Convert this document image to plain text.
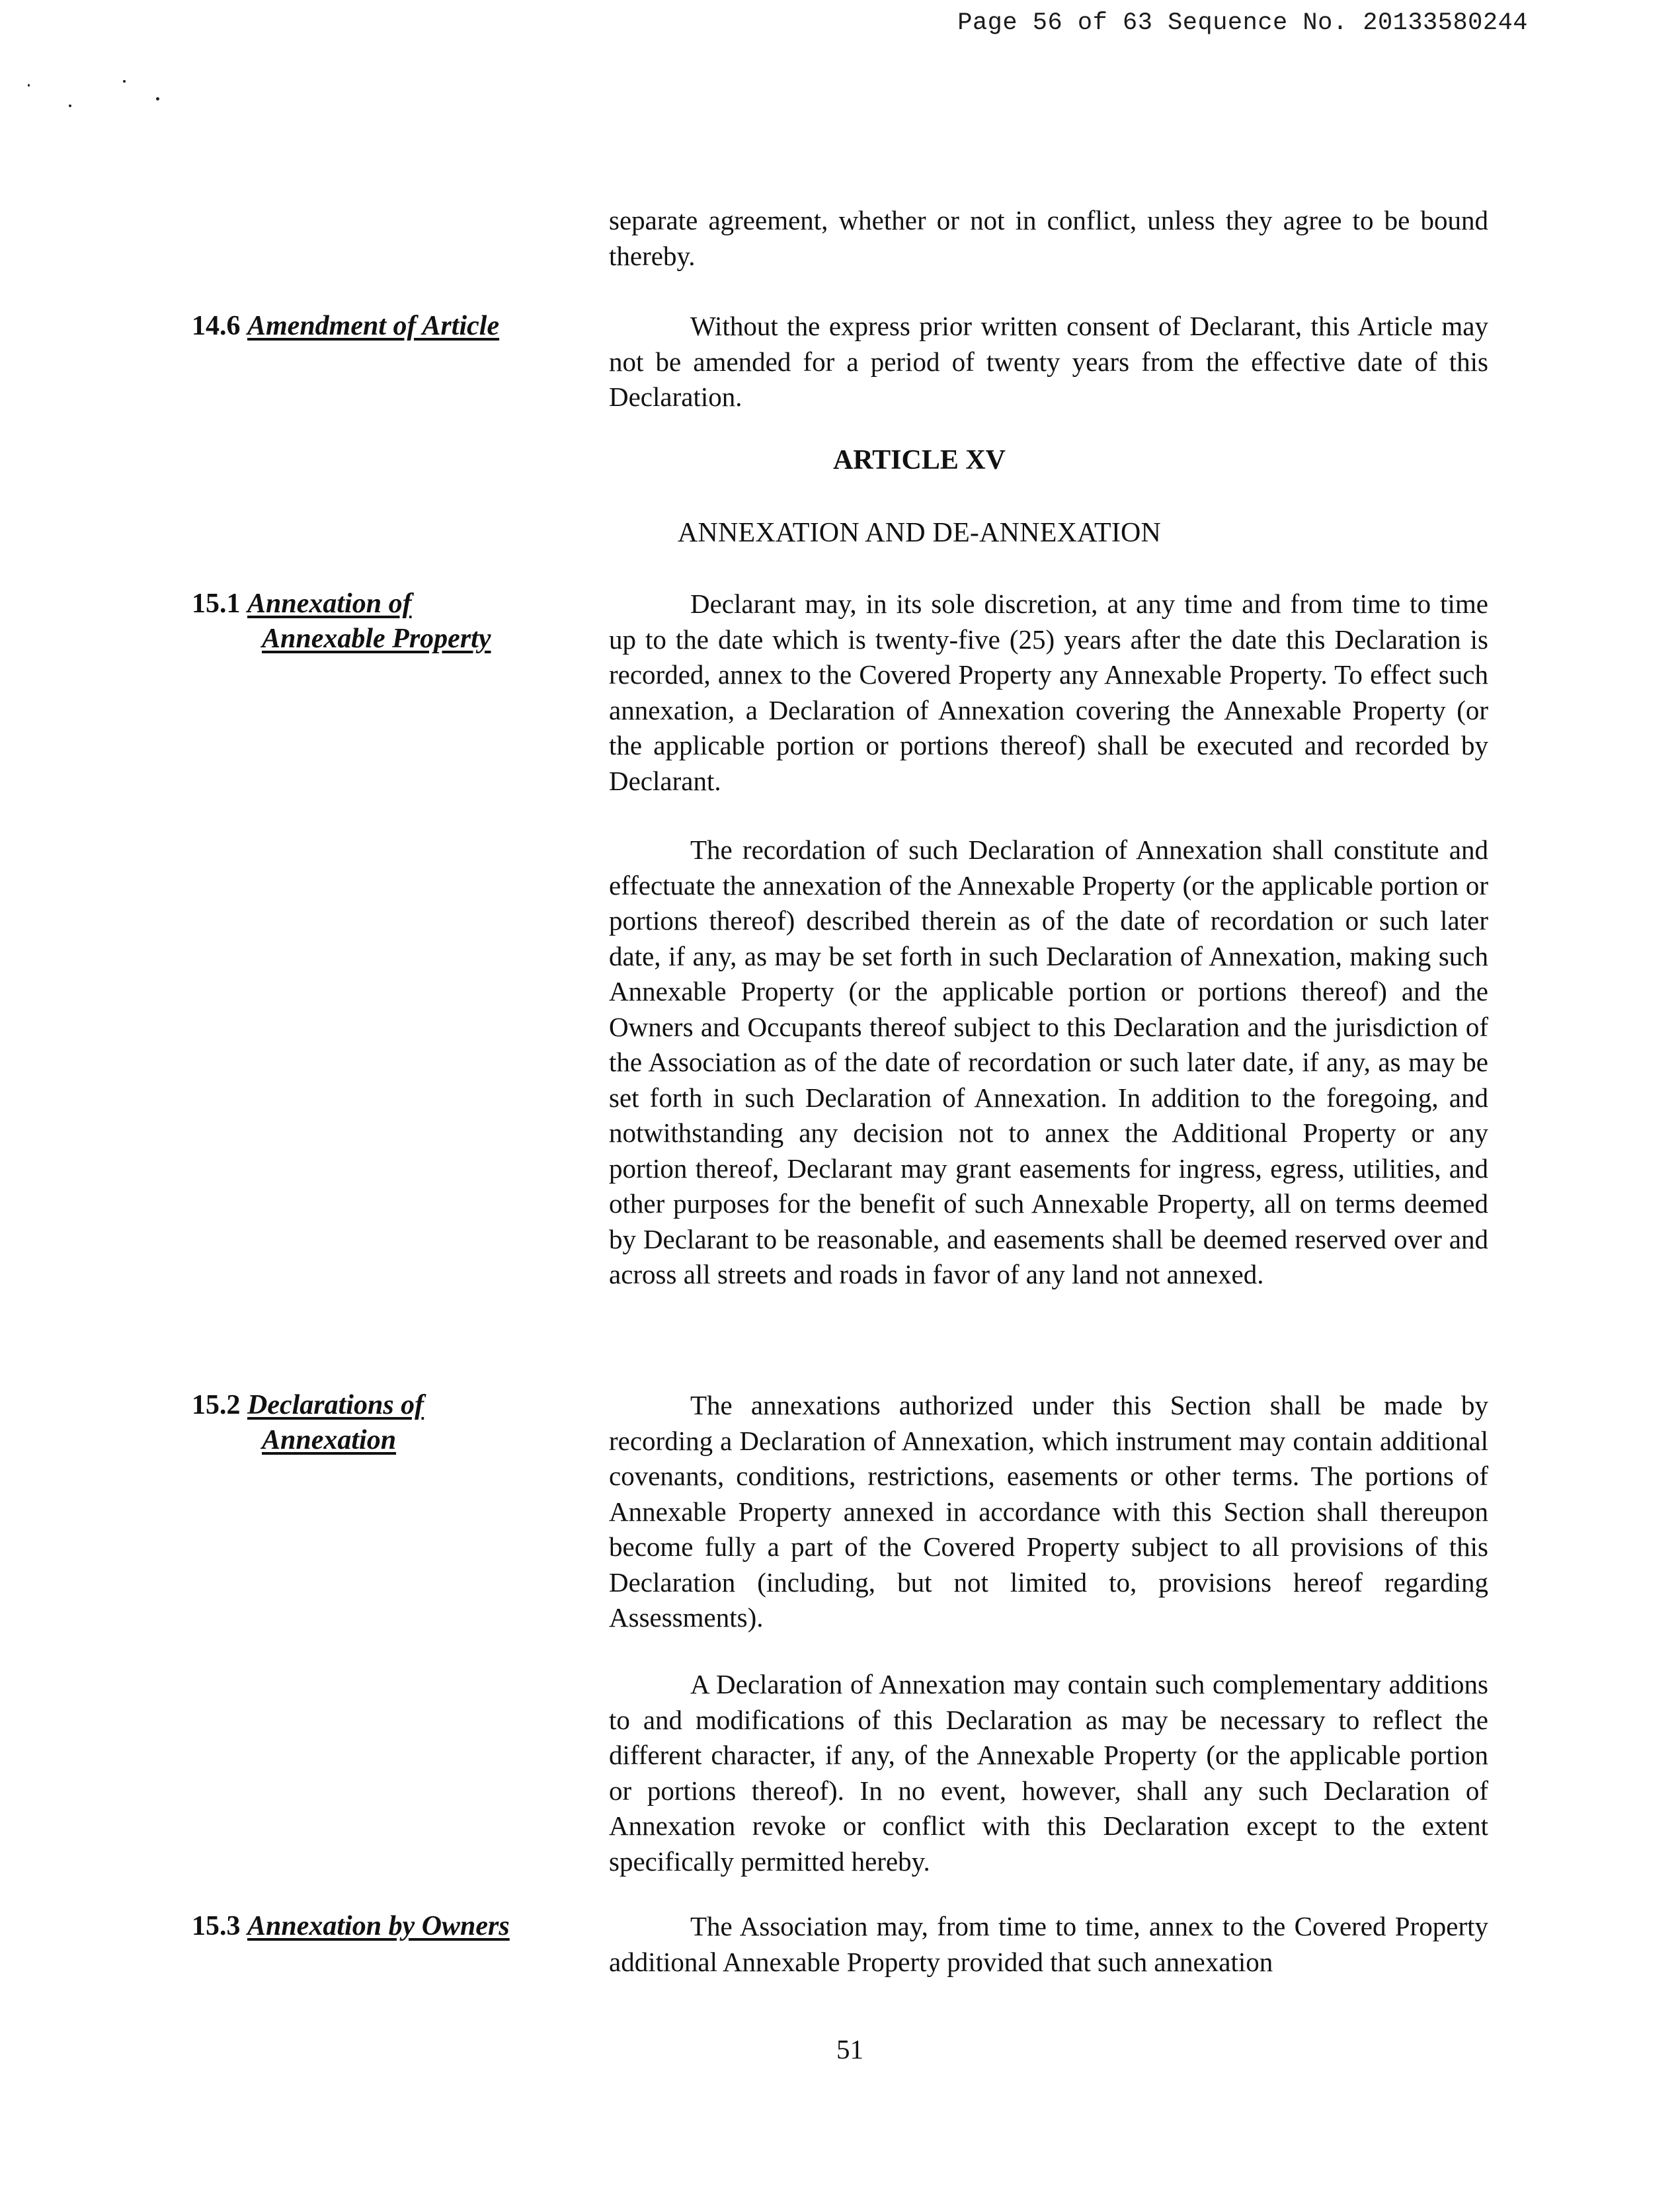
Page 56 of 63 Sequence No. 20133580244
separate agreement, whether or not in conflict, unless they agree to be bound thereby.
14.6 Amendment of Article	Without the express prior written consent of Declarant, this Article may not be amended for a period of twenty years from the effective date of this Declaration.
ARTICLE XV
ANNEXATION AND DE-ANNEXATION
15.1 Annexation of
Annexable Property
Declarant may, in its sole discretion, at any time and from time to time up to the date which is twenty-five (25) years after the date this Declaration is recorded, annex to the Covered Property any Annexable Property. To effect such annexation, a Declaration of Annexation covering the Annexable Property (or the applicable portion or portions thereof) shall be executed and recorded by Declarant.
The recordation of such Declaration of Annexation shall constitute and effectuate the annexation of the Annexable Property (or the applicable portion or portions thereof) described therein as of the date of recordation or such later date, if any, as may be set forth in such Declaration of Annexation, making such Annexable Property (or the applicable portion or portions thereof) and the Owners and Occupants thereof subject to this Declaration and the jurisdiction of the Association as of the date of recordation or such later date, if any, as may be set forth in such Declaration of Annexation. In addition to the foregoing, and notwithstanding any decision not to annex the Additional Property or any portion thereof, Declarant may grant easements for ingress, egress, utilities, and other purposes for the benefit of such Annexable Property, all on terms deemed by Declarant to be reasonable, and easements shall be deemed reserved over and across all streets and roads in favor of any land not annexed.
15.2 Declarations of
Annexation
The annexations authorized under this Section shall be made by recording a Declaration of Annexation, which instrument may contain additional covenants, conditions, restrictions, easements or other terms. The portions of Annexable Property annexed in accordance with this Section shall thereupon become fully a part of the Covered Property subject to all provisions of this Declaration (including, but not limited to, provisions hereof regarding Assessments).
A Declaration of Annexation may contain such complementary additions to and modifications of this Declaration as may be necessary to reflect the different character, if any, of the Annexable Property (or the applicable portion or portions thereof). In no event, however, shall any such Declaration of Annexation revoke or conflict with this Declaration except to the extent specifically permitted hereby.
15.3 Annexation by Owners	The Association may, from time to time, annex to the Covered Property additional Annexable Property provided that such annexation
51
